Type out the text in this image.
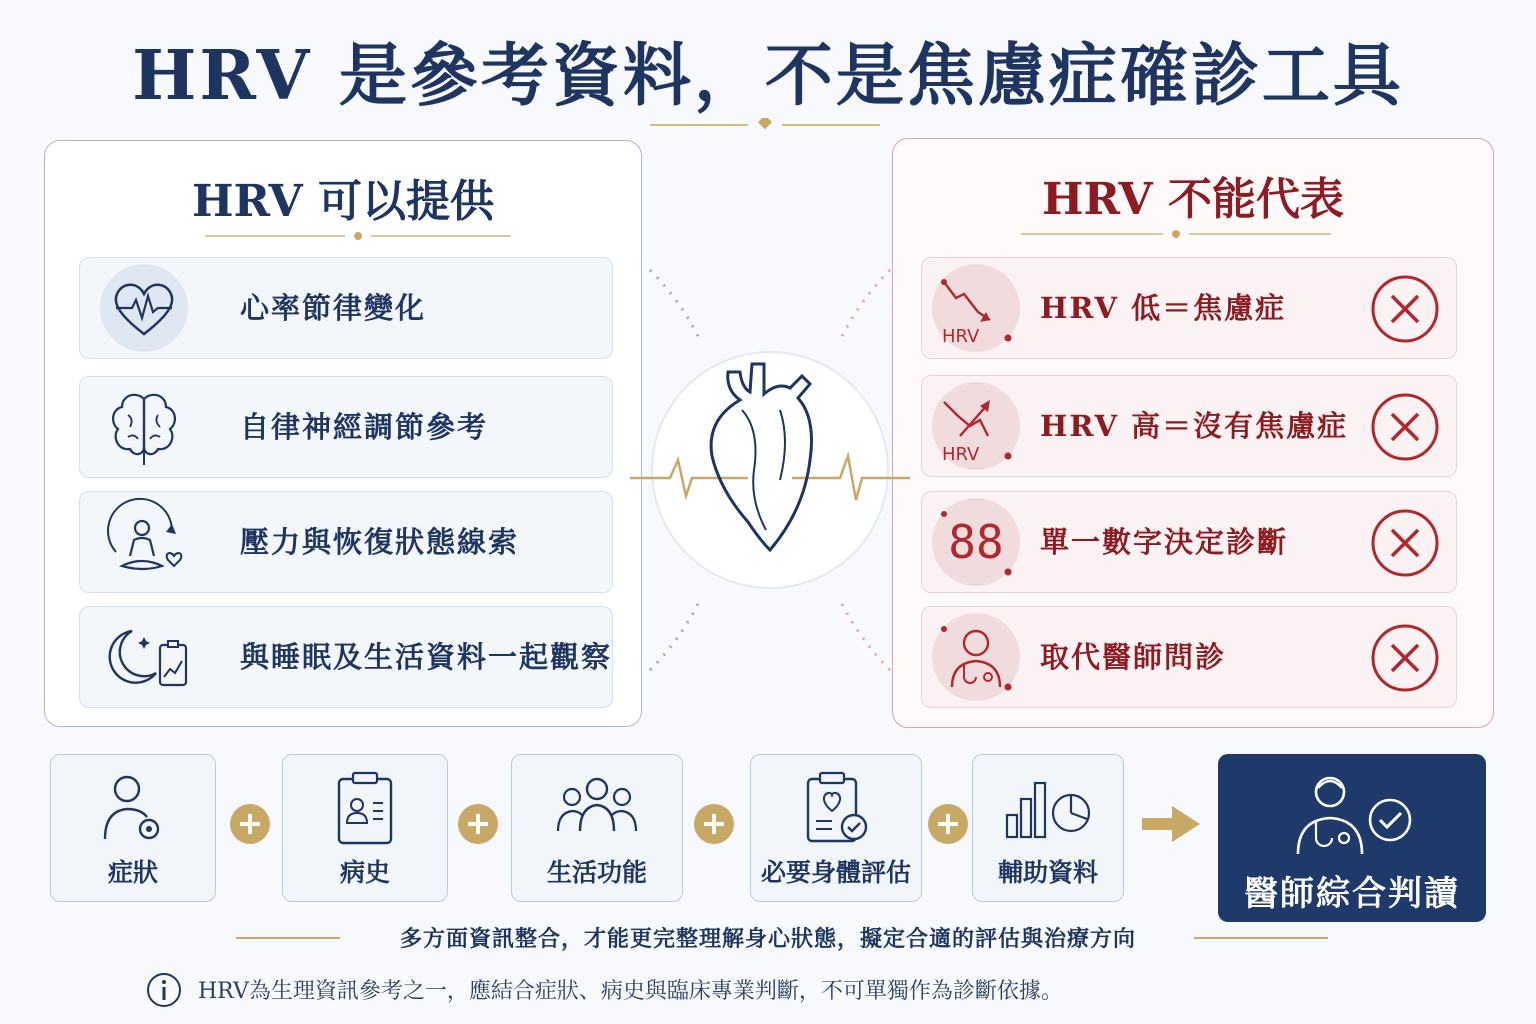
HRV 是參考資料，不是焦慮症確診工具
HRV 可以提供
心率節律變化
自律神經調節參考
壓力與恢復狀態線索
與睡眠及生活資料一起觀察
HRV 不能代表
HRV
HRV 低＝焦慮症
HRV
HRV 高＝沒有焦慮症
88 單一數字決定診斷
取代醫師問診
症狀	病史	生活功能	必要身體評估	輔助資料
醫師綜合判讀
多方面資訊整合，才能更完整理解身心狀態，擬定合適的評估與治療方向
HRV為生理資訊參考之一，應結合症狀、病史與臨床專業判斷，不可單獨作為診斷依據。
